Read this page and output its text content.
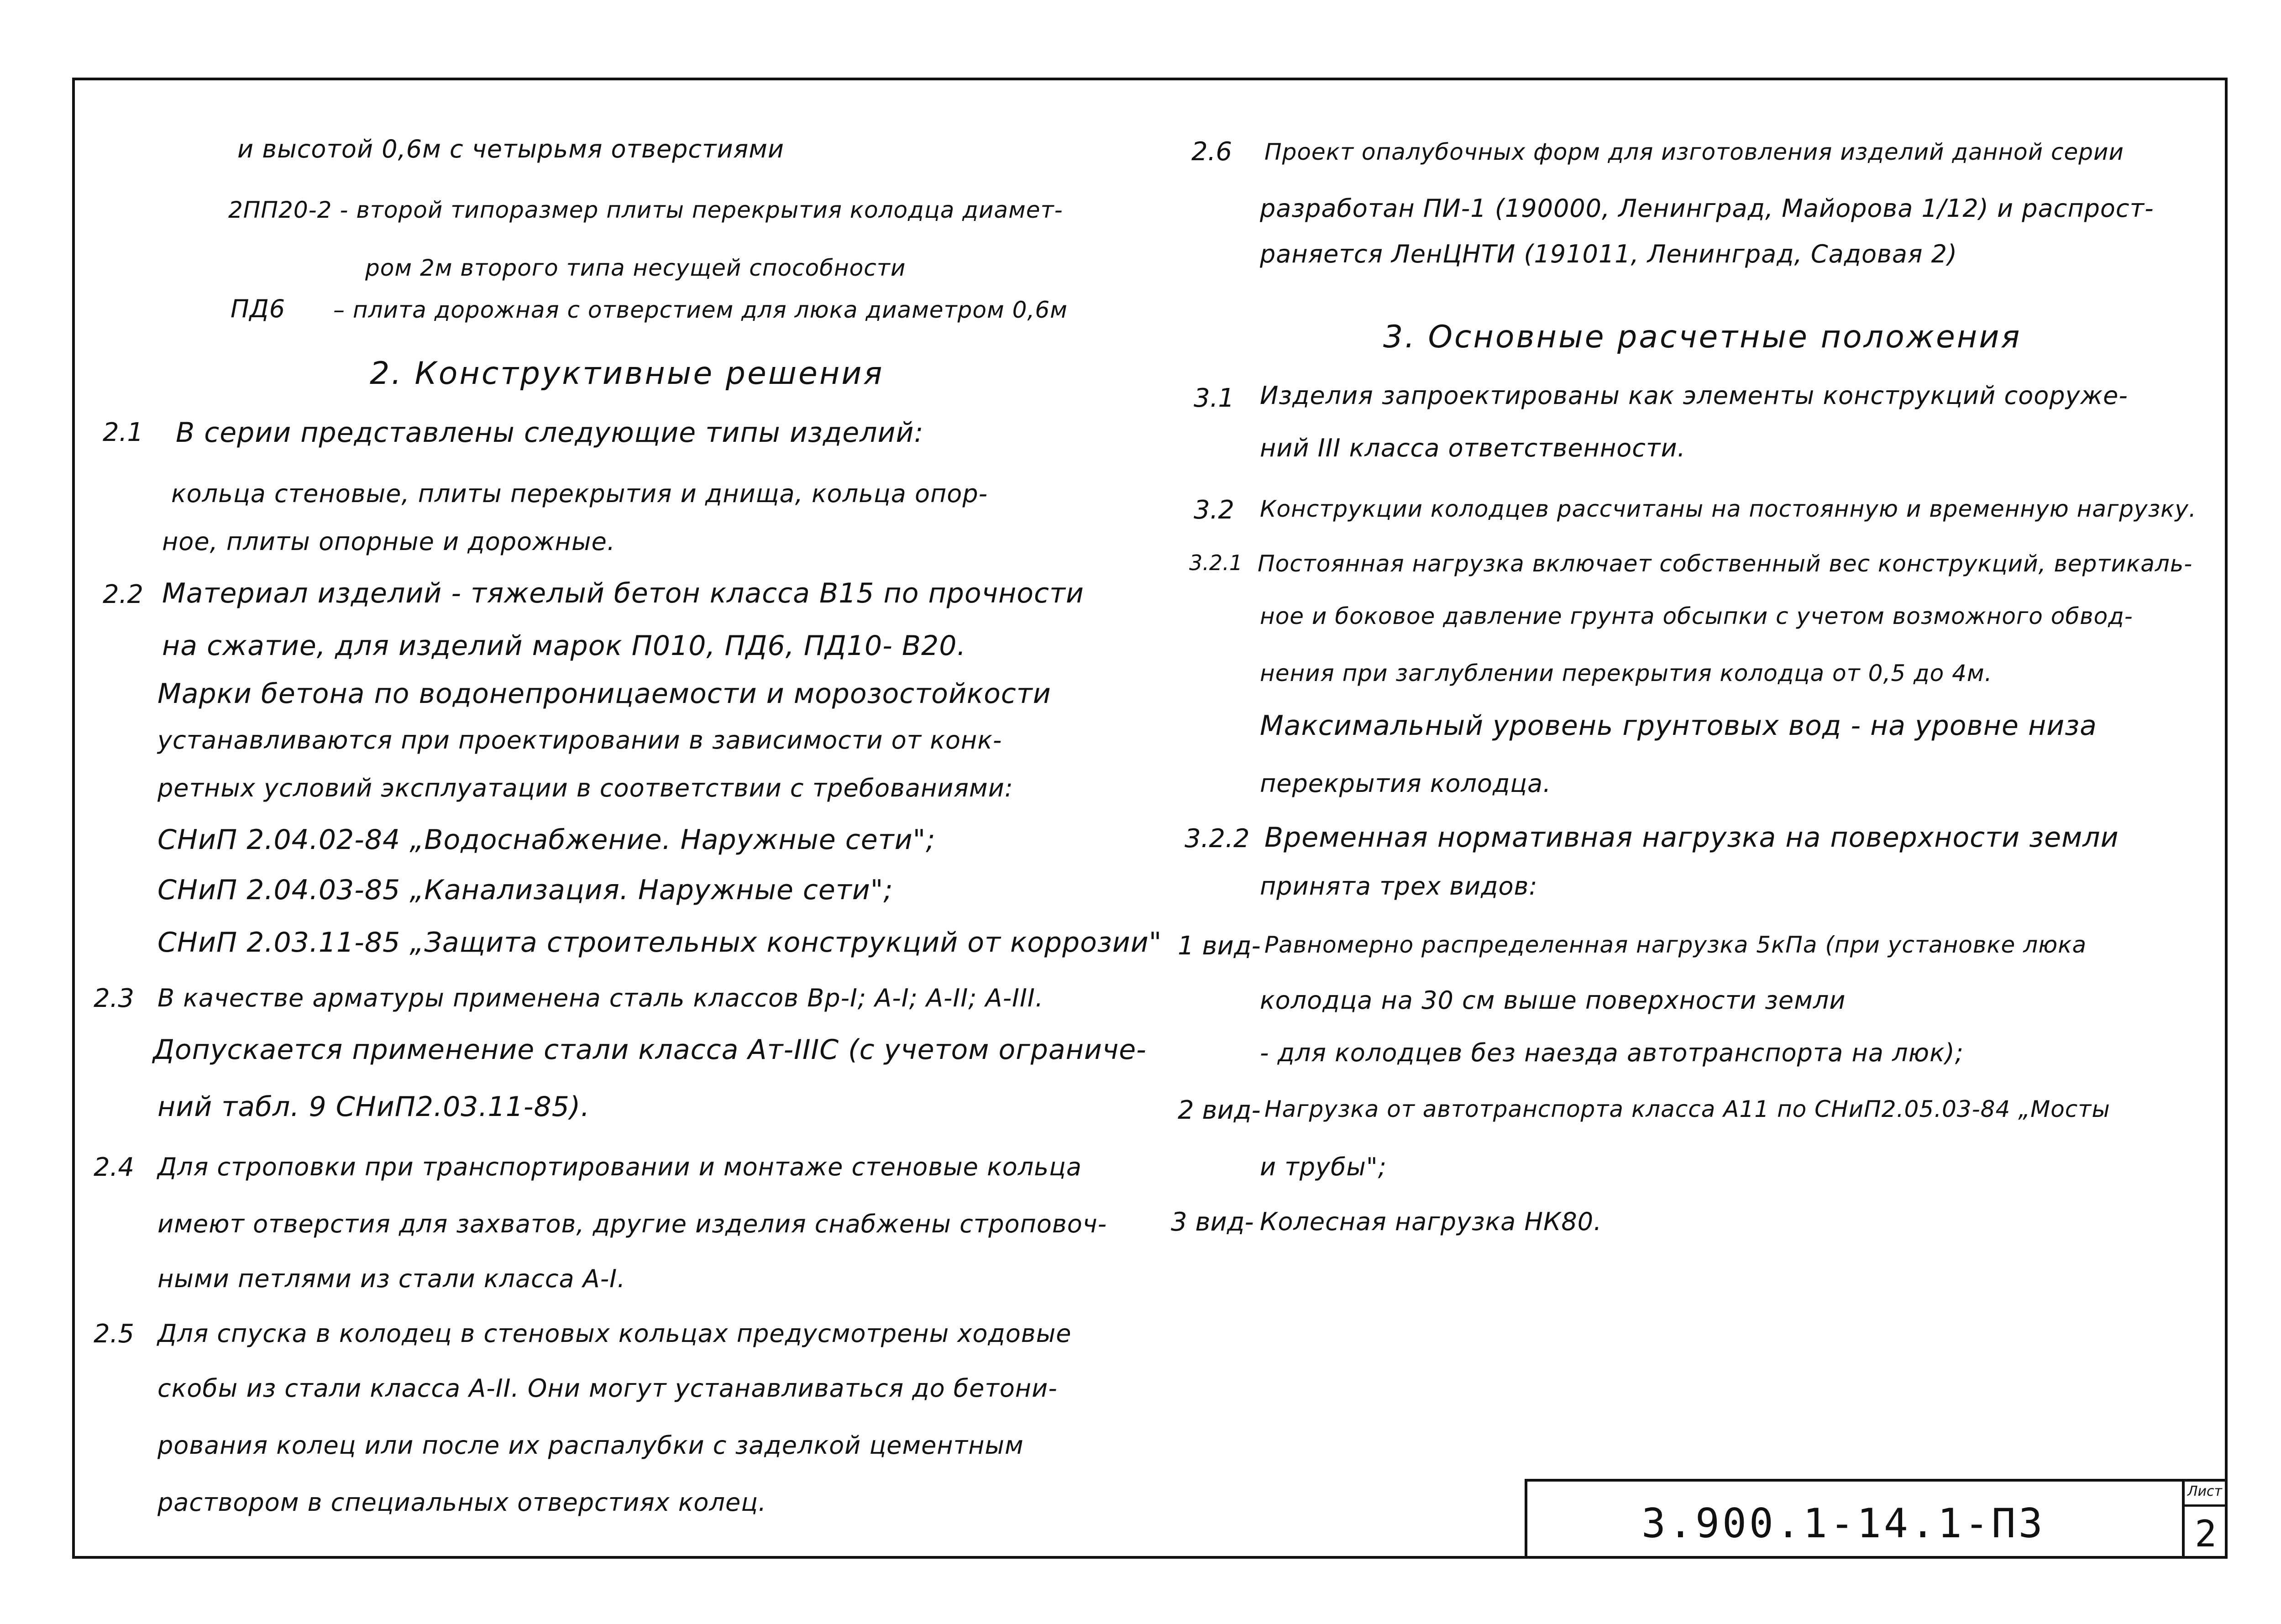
и высотой 0,6м с четырьмя отверстиями
2ПП20-2 - второй типоразмер плиты перекрытия колодца диамет-
ром 2м второго типа несущей способности
ПД6 – плита дорожная с отверстием для люка диаметром 0,6м
2. Конструктивные решения
2.1 В серии представлены следующие типы изделий:
кольца стеновые, плиты перекрытия и днища, кольца опор-
ное, плиты опорные и дорожные.
2.2 Материал изделий - тяжелый бетон класса В15 по прочности
на сжатие, для изделий марок П010, ПД6, ПД10- В20.
Марки бетона по водонепроницаемости и морозостойкости
устанавливаются при проектировании в зависимости от конк-
ретных условий эксплуатации в соответствии с требованиями:
СНиП 2.04.02-84 „Водоснабжение. Наружные сети";
СНиП 2.04.03-85 „Канализация. Наружные сети";
СНиП 2.03.11-85 „Защита строительных конструкций от коррозии"
2.3 В качестве арматуры применена сталь классов Вр-I; А-I; А-II; А-III.
Допускается применение стали класса Ат-IIIС (с учетом ограниче-
ний табл. 9 СНиП2.03.11-85).
2.4 Для строповки при транспортировании и монтаже стеновые кольца
имеют отверстия для захватов, другие изделия снабжены строповоч-
ными петлями из стали класса А-I.
2.5 Для спуска в колодец в стеновых кольцах предусмотрены ходовые
скобы из стали класса А-II. Они могут устанавливаться до бетони-
рования колец или после их распалубки с заделкой цементным
раствором в специальных отверстиях колец.
2.6 Проект опалубочных форм для изготовления изделий данной серии
разработан ПИ-1 (190000, Ленинград, Майорова 1/12) и распрост-
раняется ЛенЦНТИ (191011, Ленинград, Садовая 2)
3. Основные расчетные положения
3.1 Изделия запроектированы как элементы конструкций сооруже-
ний III класса ответственности.
3.2 Конструкции колодцев рассчитаны на постоянную и временную нагрузку.
3.2.1 Постоянная нагрузка включает собственный вес конструкций, вертикаль-
ное и боковое давление грунта обсыпки с учетом возможного обвод-
нения при заглублении перекрытия колодца от 0,5 до 4м.
Максимальный уровень грунтовых вод - на уровне низа
перекрытия колодца.
3.2.2 Временная нормативная нагрузка на поверхности земли
принята трех видов:
1 вид- Равномерно распределенная нагрузка 5кПа (при установке люка
колодца на 30 см выше поверхности земли
- для колодцев без наезда автотранспорта на люк);
2 вид- Нагрузка от автотранспорта класса А11 по СНиП2.05.03-84 „Мосты
и трубы";
3 вид- Колесная нагрузка НК80.
3.900.1-14.1-ПЗ
Лист
2
